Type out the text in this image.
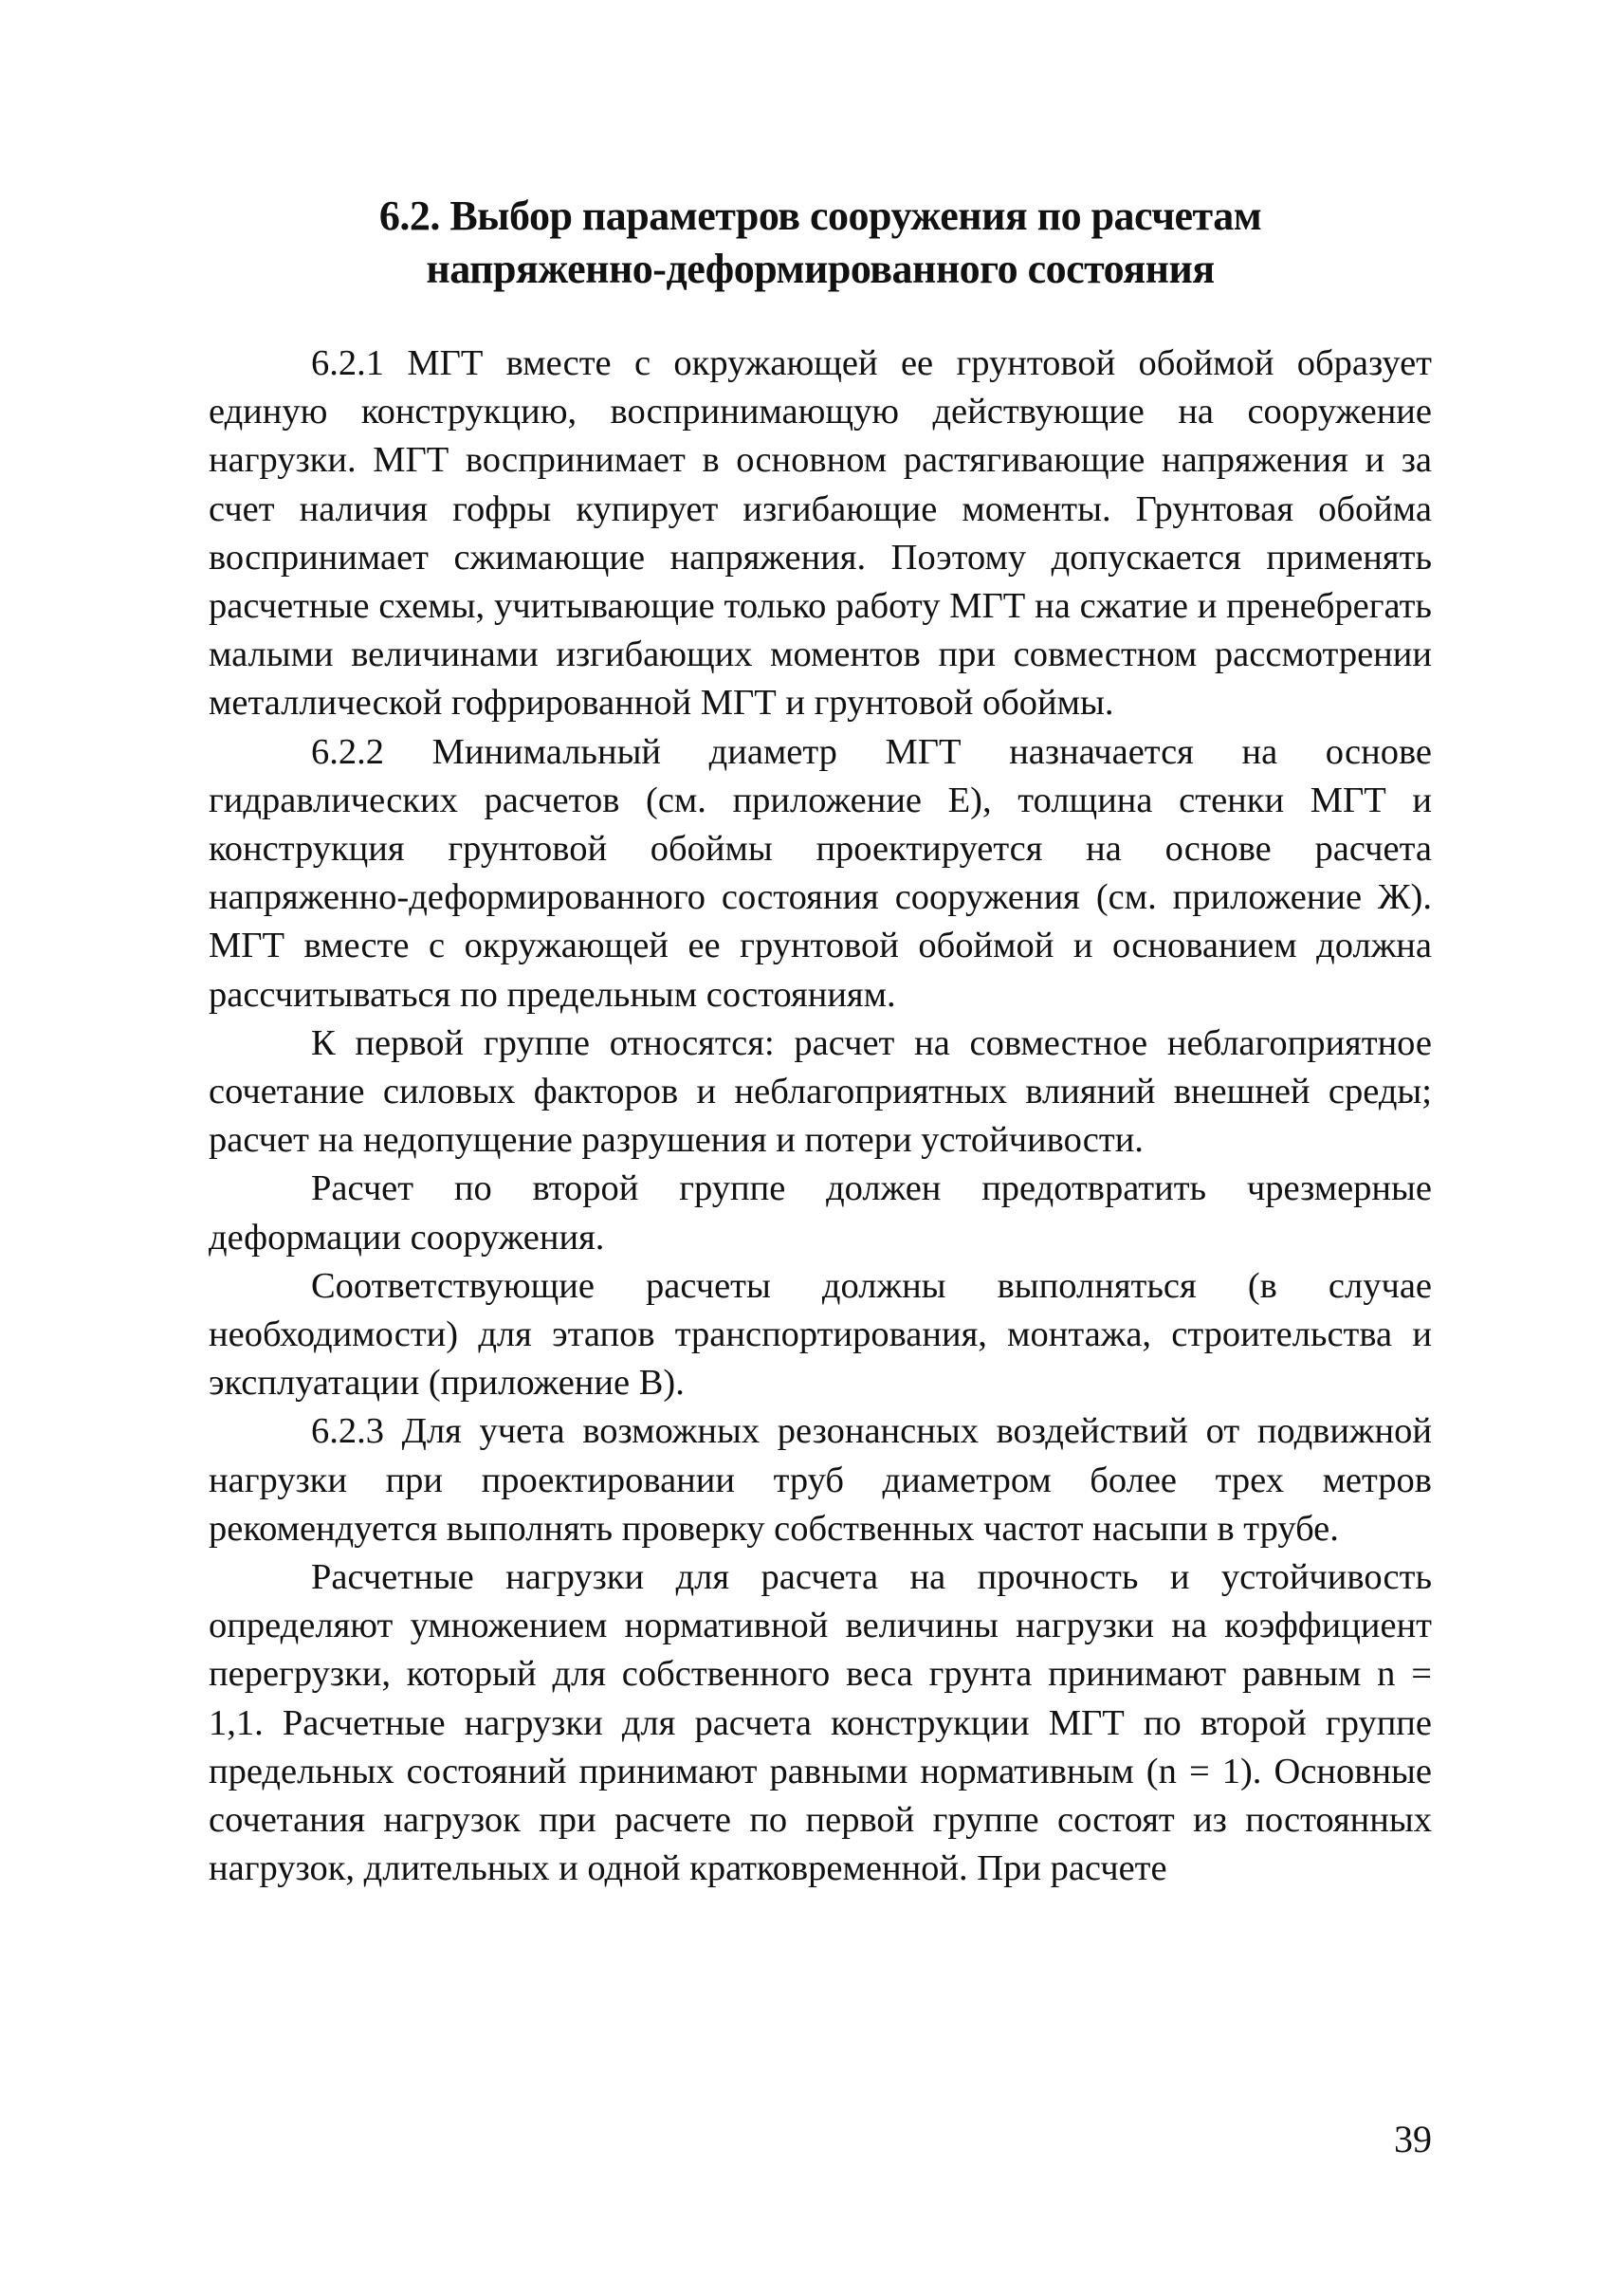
6.2. Выбор параметров сооружения по расчетам
напряженно-деформированного состояния

6.2.1 МГТ вместе с окружающей ее грунтовой обоймой образует единую конструкцию, воспринимающую действующие на сооружение нагрузки. МГТ воспринимает в основном растягивающие напряжения и за счет наличия гофры купирует изгибающие моменты. Грунтовая обойма воспринимает сжимающие напряжения. Поэтому допускается применять расчетные схемы, учитывающие только работу МГТ на сжатие и пренебрегать малыми величинами изгибающих моментов при совместном рассмотрении металлической гофрированной МГТ и грунтовой обоймы.

6.2.2 Минимальный диаметр МГТ назначается на основе гидравлических расчетов (см. приложение Е), толщина стенки МГТ и конструкция грунтовой обоймы проектируется на основе расчета напряженно-деформированного состояния сооружения (см. приложение Ж). МГТ вместе с окружающей ее грунтовой обоймой и основанием должна рассчитываться по предельным состояниям.

К первой группе относятся: расчет на совместное неблагоприятное сочетание силовых факторов и неблагоприятных влияний внешней среды; расчет на недопущение разрушения и потери устойчивости.

Расчет по второй группе должен предотвратить чрезмерные деформации сооружения.

Соответствующие расчеты должны выполняться (в случае необходимости) для этапов транспортирования, монтажа, строительства и эксплуатации (приложение В).

6.2.3 Для учета возможных резонансных воздействий от подвижной нагрузки при проектировании труб диаметром более трех метров рекомендуется выполнять проверку собственных частот насыпи в трубе.

Расчетные нагрузки для расчета на прочность и устойчивость определяют умножением нормативной величины нагрузки на коэффициент перегрузки, который для собственного веса грунта принимают равным n = 1,1. Расчетные нагрузки для расчета конструкции МГТ по второй группе предельных состояний принимают равными нормативным (n = 1). Основные сочетания нагрузок при расчете по первой группе состоят из постоянных нагрузок, длительных и одной кратковременной. При расчете

39
